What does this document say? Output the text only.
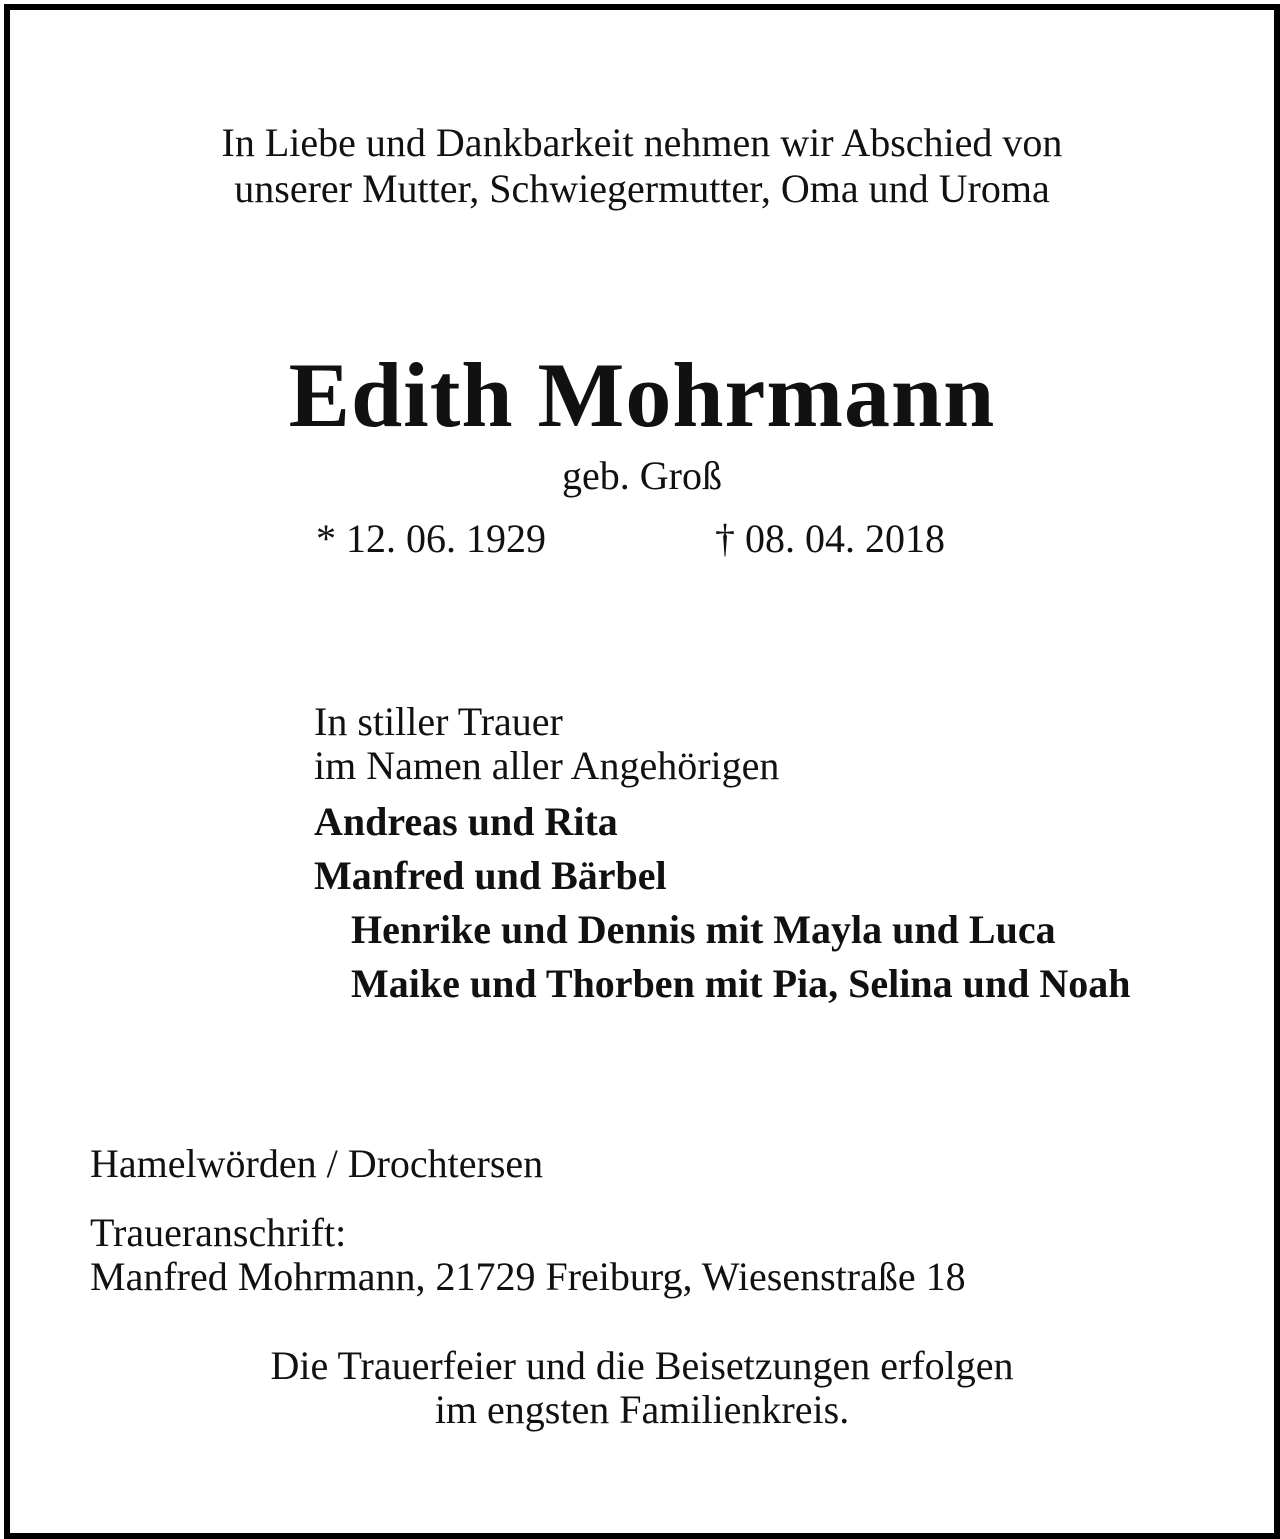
In Liebe und Dankbarkeit nehmen wir Abschied von
unserer Mutter, Schwiegermutter, Oma und Uroma
Edith Mohrmann
geb. Groß
* 12. 06. 1929	† 08. 04. 2018
In stiller Trauer
im Namen aller Angehörigen
Andreas und Rita
Manfred und Bärbel
Henrike und Dennis mit Mayla und Luca
Maike und Thorben mit Pia, Selina und Noah
Hamelwörden / Drochtersen
Traueranschrift:
Manfred Mohrmann, 21729 Freiburg, Wiesenstraße 18
Die Trauerfeier und die Beisetzungen erfolgen
im engsten Familienkreis.
